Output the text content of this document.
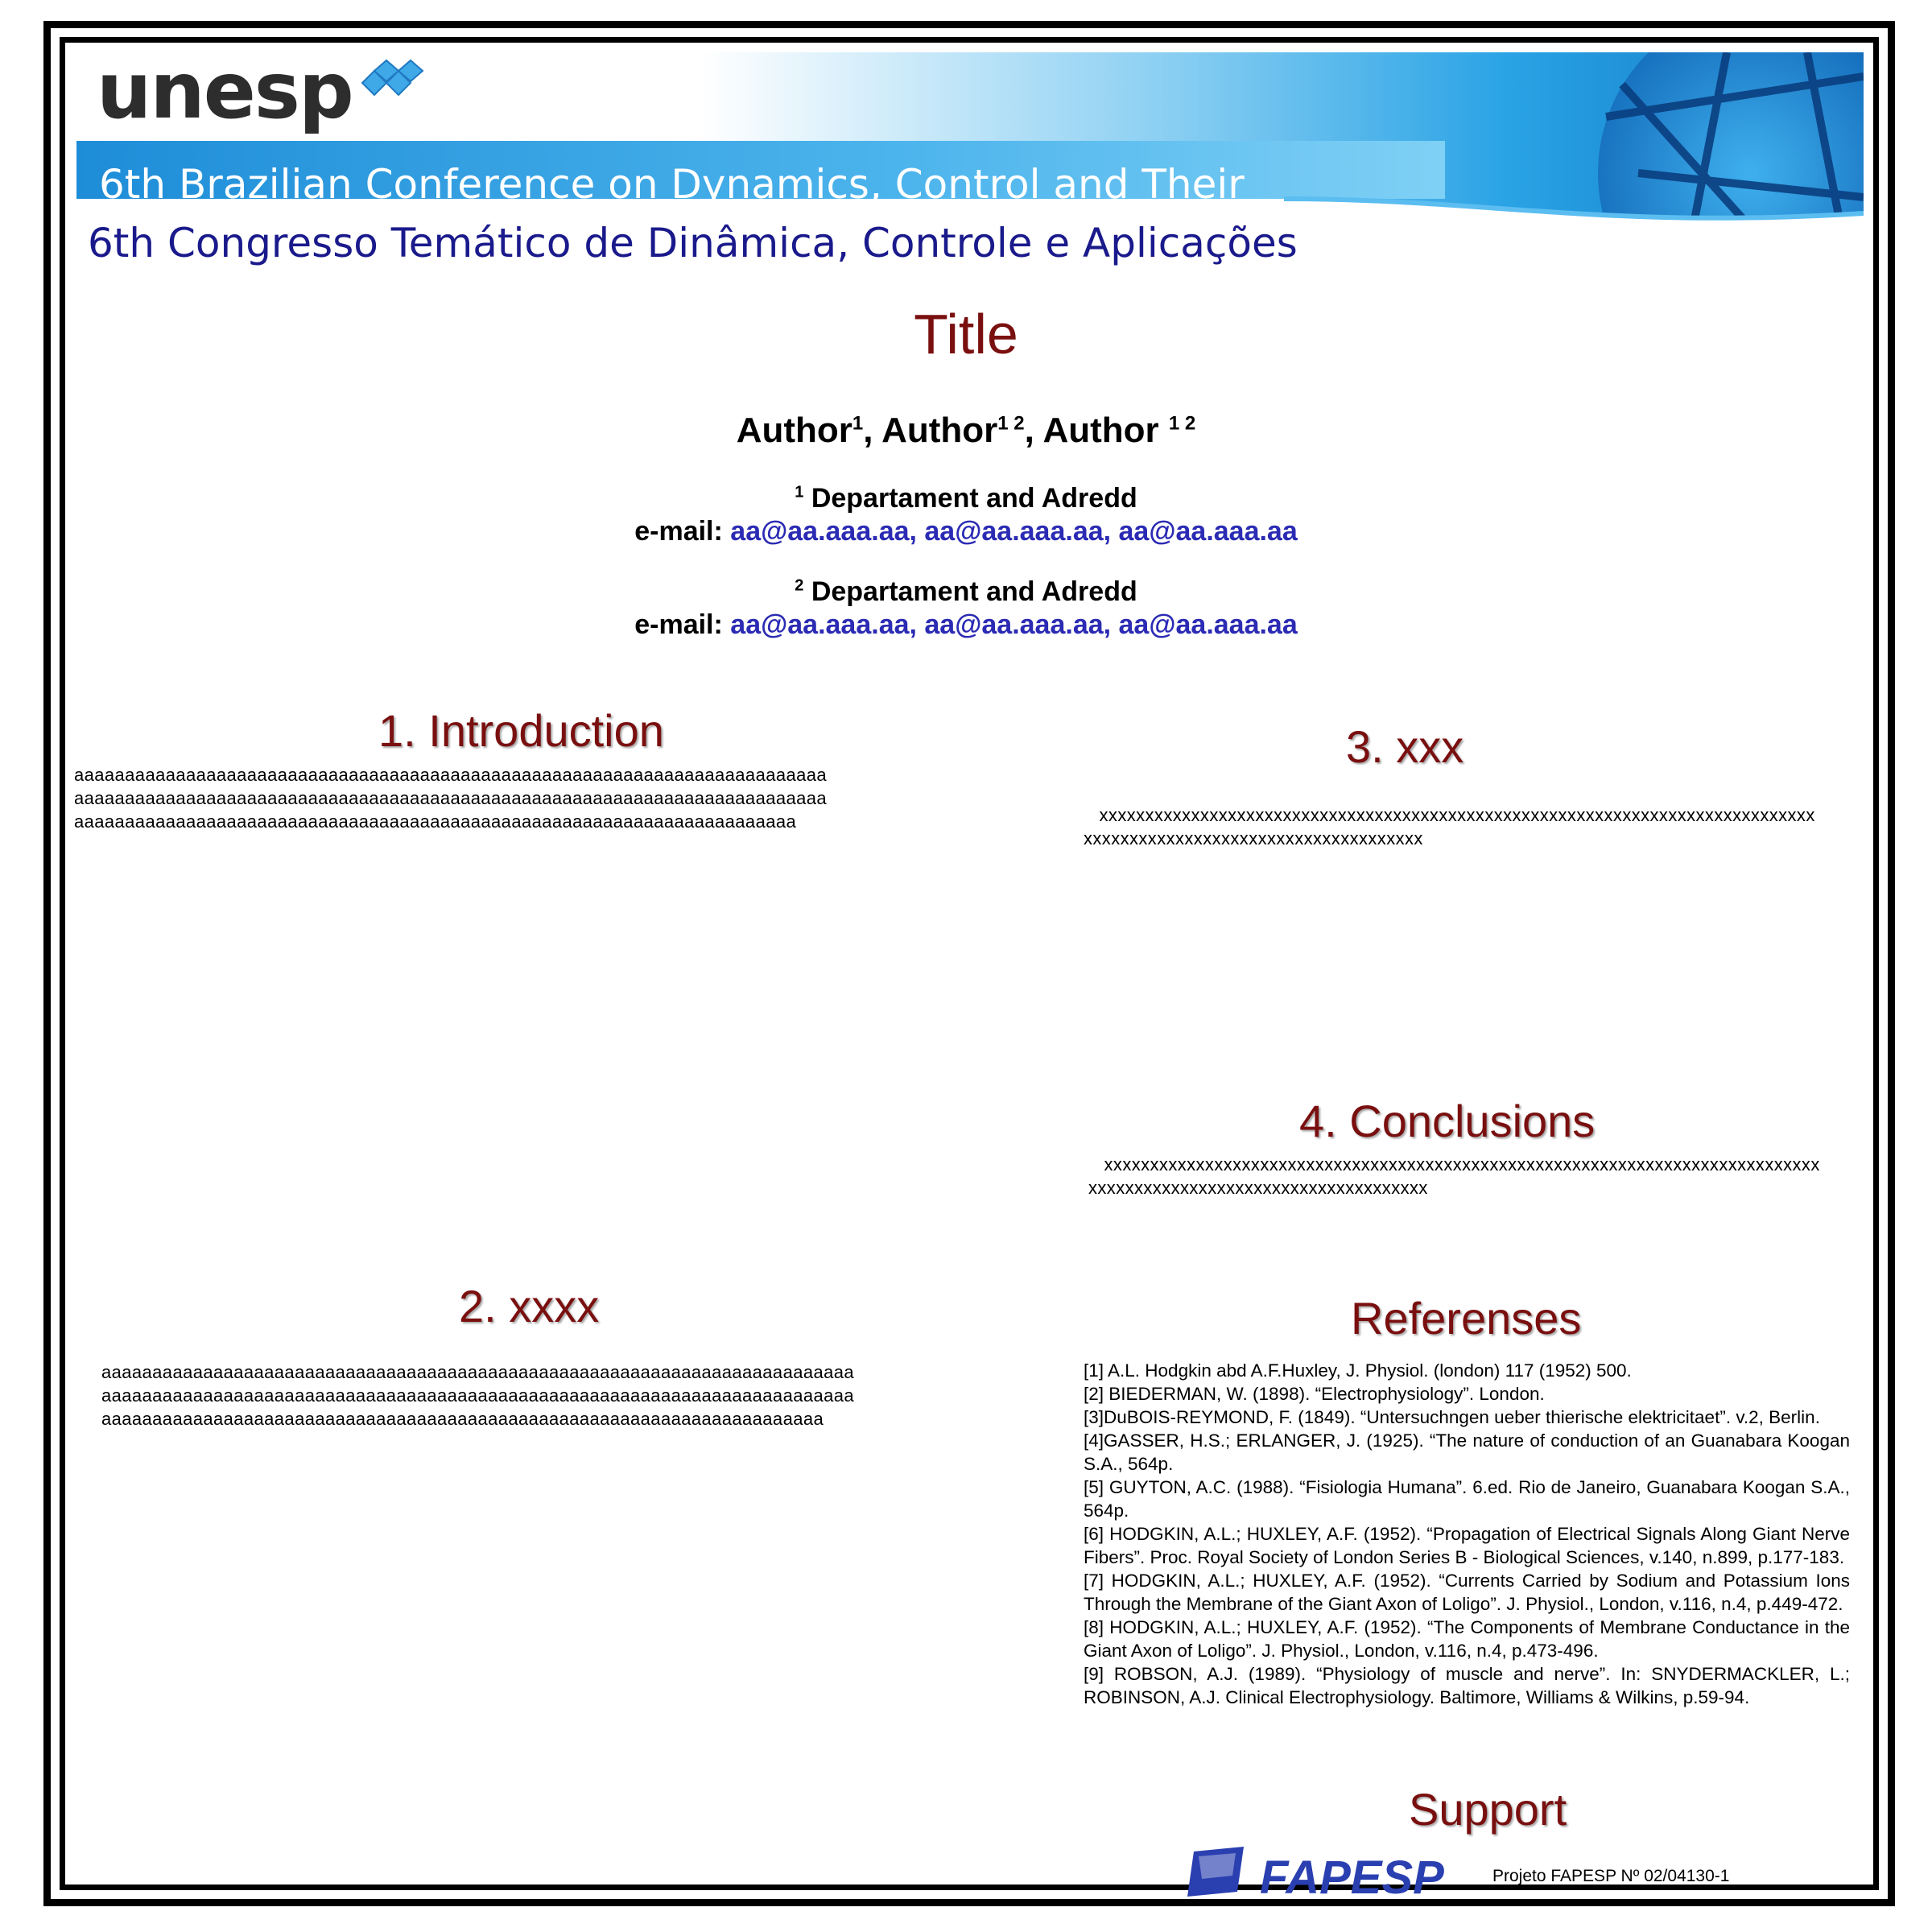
unesp
6th Brazilian Conference on Dynamics, Control and Their
6th Congresso Temático de Dinâmica, Controle e Aplicações
Title
Author$^1$, Author$^{1 2}$, Author $^{1 2}$
$^1$ Departament and Adredd
e-mail: aa@aa.aaa.aa, aa@aa.aaa.aa, aa@aa.aaa.aa
$^2$ Departament and Adredd
e-mail: aa@aa.aaa.aa, aa@aa.aaa.aa, aa@aa.aaa.aa
1. Introduction
aaaaaaaaaaaaaaaaaaaaaaaaaaaaaaaaaaaaaaaaaaaaaaaaaaaaaaaaaaaaaaaaaaaaaaaaaa
aaaaaaaaaaaaaaaaaaaaaaaaaaaaaaaaaaaaaaaaaaaaaaaaaaaaaaaaaaaaaaaaaaaaaaaaaa
aaaaaaaaaaaaaaaaaaaaaaaaaaaaaaaaaaaaaaaaaaaaaaaaaaaaaaaaaaaaaaaaaaaaaaa
2. xxxx
aaaaaaaaaaaaaaaaaaaaaaaaaaaaaaaaaaaaaaaaaaaaaaaaaaaaaaaaaaaaaaaaaaaaaaaaaa
aaaaaaaaaaaaaaaaaaaaaaaaaaaaaaaaaaaaaaaaaaaaaaaaaaaaaaaaaaaaaaaaaaaaaaaaaa
aaaaaaaaaaaaaaaaaaaaaaaaaaaaaaaaaaaaaaaaaaaaaaaaaaaaaaaaaaaaaaaaaaaaaaa
3. xxx
xxxxxxxxxxxxxxxxxxxxxxxxxxxxxxxxxxxxxxxxxxxxxxxxxxxxxxxxxxxxxxxxxxxxxxxxxxxxxx
xxxxxxxxxxxxxxxxxxxxxxxxxxxxxxxxxxxxx
4. Conclusions
xxxxxxxxxxxxxxxxxxxxxxxxxxxxxxxxxxxxxxxxxxxxxxxxxxxxxxxxxxxxxxxxxxxxxxxxxxxxxx
xxxxxxxxxxxxxxxxxxxxxxxxxxxxxxxxxxxxx
Referenses
[1] A.L. Hodgkin abd A.F.Huxley, J. Physiol. (london) 117 (1952) 500.
[2] BIEDERMAN, W. (1898). “Electrophysiology”. London.
[3]DuBOIS-REYMOND, F. (1849). “Untersuchngen ueber thierische elektricitaet”. v.2, Berlin.
[4]GASSER, H.S.; ERLANGER, J. (1925). “The nature of conduction of an Guanabara Koogan S.A., 564p.
[5] GUYTON, A.C. (1988). “Fisiologia Humana”. 6.ed. Rio de Janeiro, Guanabara Koogan S.A., 564p.
[6] HODGKIN, A.L.; HUXLEY, A.F. (1952). “Propagation of Electrical Signals Along Giant Nerve Fibers”. Proc. Royal Society of London Series B - Biological Sciences, v.140, n.899, p.177-183.
[7] HODGKIN, A.L.; HUXLEY, A.F. (1952). “Currents Carried by Sodium and Potassium Ions Through the Membrane of the Giant Axon of Loligo”. J. Physiol., London, v.116, n.4, p.449-472.
[8] HODGKIN, A.L.; HUXLEY, A.F. (1952). “The Components of Membrane Conductance in the Giant Axon of Loligo”. J. Physiol., London, v.116, n.4, p.473-496.
[9] ROBSON, A.J. (1989). “Physiology of muscle and nerve”. In: SNYDERMACKLER, L.; ROBINSON, A.J. Clinical Electrophysiology. Baltimore, Williams & Wilkins, p.59-94.
Support
FAPESP	Projeto FAPESP Nº 02/04130-1
